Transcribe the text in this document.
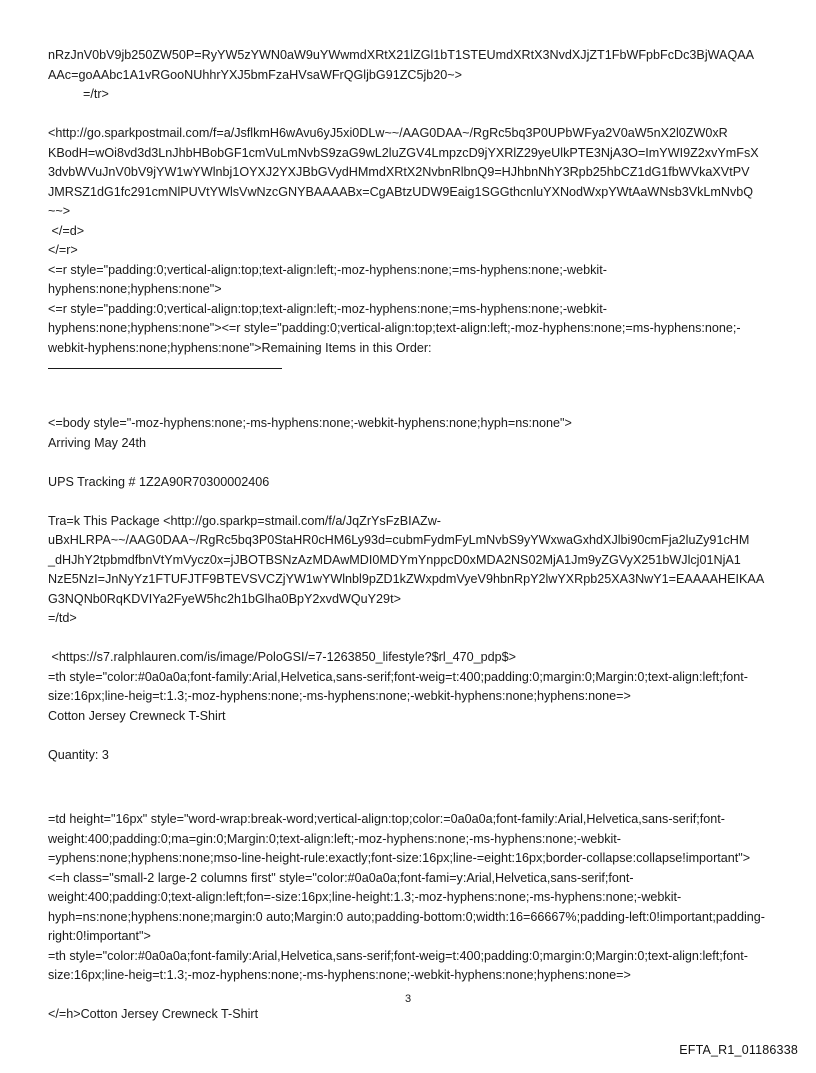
nRzJnV0bV9jb250ZW50P=RyYW5zYWN0aW9uYWwmdXRtX21lZGl1bT1STEUmdXRtX3NvdXJjZT1FbWFpbFcDc3BjWAQAA AAc=goAAbc1A1vRGooNUhhrYXJ5bmFzaHVsaWFrQGljbG91ZC5jb20~>

=/tr>

<http://go.sparkpostmail.com/f=a/JsflkmH6wAvu6yJ5xi0DLw~~/AAG0DAA~/RgRc5bq3P0UPbWFya2V0aW5nX2l0ZW0xR KBodH=wOi8vd3d3LnJhbHBobGF1cmVuLmNvbS9zaG9wL2luZGV4LmpzcD9jYXRlZ29yeUlkPTE3NjA3O=ImYWI9Z2xvYmFsX 3dvbWVuJnV0bV9jYW1wYWlnbj1OYXJ2YXJBbGVydHMmdXRtX2NvbnRlbnQ9=HJhbnNhY3Rpb25hbCZ1dG1fbWVkaXVtPV JMRSZ1dG1fc291cmNlPUVtYWlsVwNzcGNYBAAAABx=CgABtzUDW9Eaig1SGGthcnluYXNodWxpYWtAaWNsb3VkLmNvbQ ~~>

</=d>

</=r>

<=r style="padding:0;vertical-align:top;text-align:left;-moz-hyphens:none;=ms-hyphens:none;-webkit-hyphens:none;hyphens:none">

<=r style="padding:0;vertical-align:top;text-align:left;-moz-hyphens:none;=ms-hyphens:none;-webkit-hyphens:none;hyphens:none"><=r style="padding:0;vertical-align:top;text-align:left;-moz-hyphens:none;=ms-hyphens:none;-webkit-hyphens:none;hyphens:none">Remaining Items in this Order:

<=body style="-moz-hyphens:none;-ms-hyphens:none;-webkit-hyphens:none;hyph=ns:none">

Arriving May 24th

UPS Tracking # 1Z2A90R70300002406

Tra=k This Package <http://go.sparkp=stmail.com/f/a/JqZrYsFzBIAZw-uBxHLRPA~~/AAG0DAA~/RgRc5bq3P0StaHR0cHM6Ly93d=cubmFydmFyLmNvbS9yYWxwaGxhdXJlbi90cmFja2luZy91cHM _dHJhY2tpbmdfbnVtYmVycz0x=jJBOTBSNzAzMDAwMDI0MDYmYnppcD0xMDA2NS02MjA1Jm9yZGVyX251bWJlcj01NjA1 NzE5NzI=JnNyYz1FTUFJTF9BTEVSVCZjYW1wYWlnbl9pZD1kZWxpdmVyeV9hbnRpY2lwYXRpb25XA3NwY1=EAAAAHEIKAA G3NQNb0RqKDVIYa2FyeW5hc2h1bGlha0BpY2xvdWQuY29t>

=/td>

<https://s7.ralphlauren.com/is/image/PoloGSI/=7-1263850_lifestyle?$rl_470_pdp$>

=th style="color:#0a0a0a;font-family:Arial,Helvetica,sans-serif;font-weig=t:400;padding:0;margin:0;Margin:0;text-align:left;font-size:16px;line-heig=t:1.3;-moz-hyphens:none;-ms-hyphens:none;-webkit-hyphens:none;hyphens:none=>

Cotton Jersey Crewneck T-Shirt

Quantity: 3

=td height="16px" style="word-wrap:break-word;vertical-align:top;color:=0a0a0a;font-family:Arial,Helvetica,sans-serif;font-weight:400;padding:0;ma=gin:0;Margin:0;text-align:left;-moz-hyphens:none;-ms-hyphens:none;-webkit-=yphens:none;hyphens:none;mso-line-height-rule:exactly;font-size:16px;line-=eight:16px;border-collapse:collapse!important">

<=h class="small-2 large-2 columns first" style="color:#0a0a0a;font-fami=y:Arial,Helvetica,sans-serif;font-weight:400;padding:0;text-align:left;fon=-size:16px;line-height:1.3;-moz-hyphens:none;-ms-hyphens:none;-webkit-hyph=ns:none;hyphens:none;margin:0 auto;Margin:0 auto;padding-bottom:0;width:16=66667%;padding-left:0!important;padding-right:0!important">

=th style="color:#0a0a0a;font-family:Arial,Helvetica,sans-serif;font-weig=t:400;padding:0;margin:0;Margin:0;text-align:left;font-size:16px;line-heig=t:1.3;-moz-hyphens:none;-ms-hyphens:none;-webkit-hyphens:none;hyphens:none=>

</=h>Cotton Jersey Crewneck T-Shirt

3
EFTA_R1_01186338
